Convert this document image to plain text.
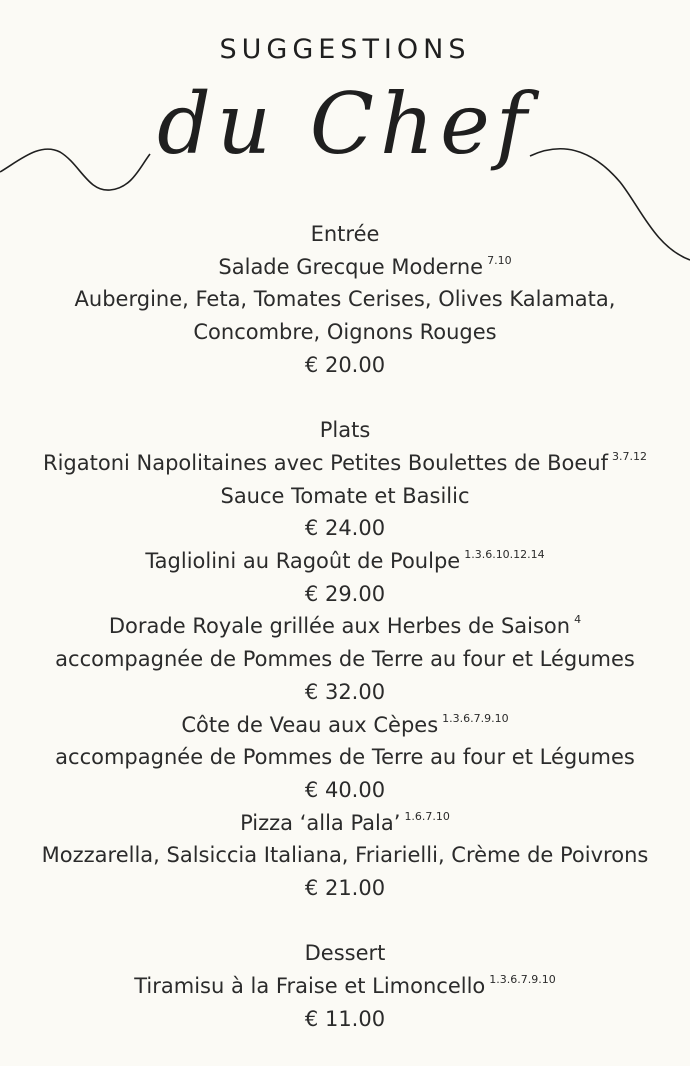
SUGGESTIONS
du Chef
Entrée
Salade Grecque Moderne $^{7.10}$
Aubergine, Feta, Tomates Cerises, Olives Kalamata,
Concombre, Oignons Rouges
€ 20.00
Plats
Rigatoni Napolitaines avec Petites Boulettes de Boeuf $^{3.7.12}$
Sauce Tomate et Basilic
€ 24.00
Tagliolini au Ragoût de Poulpe $^{1.3.6.10.12.14}$
€ 29.00
Dorade Royale grillée aux Herbes de Saison $^4$
accompagnée de Pommes de Terre au four et Légumes
€ 32.00
Côte de Veau aux Cèpes $^{1.3.6.7.9.10}$
accompagnée de Pommes de Terre au four et Légumes
€ 40.00
Pizza ‘alla Pala’ $^{1.6.7.10}$
Mozzarella, Salsiccia Italiana, Friarielli, Crème de Poivrons
€ 21.00
Dessert
Tiramisu à la Fraise et Limoncello $^{1.3.6.7.9.10}$
€ 11.00
